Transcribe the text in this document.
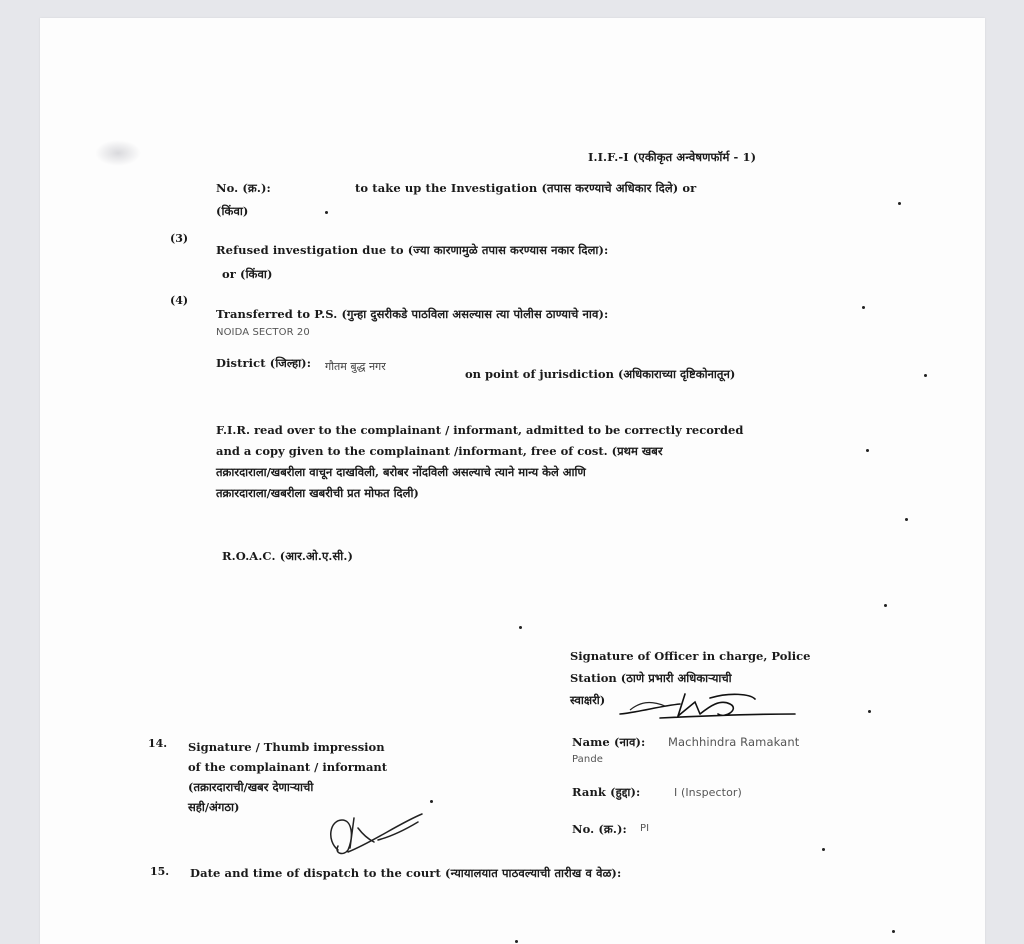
I.I.F.-I (एकीकृत अन्वेषणफॉर्म - 1)
No. (क्र.):	to take up the Investigation (तपास करण्याचे अधिकार दिले) or
(किंवा)
(3)
Refused investigation due to (ज्या कारणामुळे तपास करण्यास नकार दिला):
or (किंवा)
(4)
Transferred to P.S. (गुन्हा दुसरीकडे पाठविला असल्यास त्या पोलीस ठाण्याचे नाव):
NOIDA SECTOR 20
District (जिल्हा): गौतम बुद्ध नगर
on point of jurisdiction (अधिकाराच्या दृष्टिकोनातून)
F.I.R. read over to the complainant / informant, admitted to be correctly recorded
and a copy given to the complainant /informant, free of cost. (प्रथम खबर
तक्रारदाराला/खबरीला वाचून दाखविली, बरोबर नोंदविली असल्याचे त्याने मान्य केले आणि
तक्रारदाराला/खबरीला खबरीची प्रत मोफत दिली)
R.O.A.C. (आर.ओ.ए.सी.)
Signature of Officer in charge, Police
Station (ठाणे प्रभारी अधिकाऱ्याची
स्वाक्षरी)
Name (नाव): Machhindra Ramakant
Pande
Rank (हुद्दा):	I (Inspector)
No. (क्र.): PI
14. Signature / Thumb impression
of the complainant / informant
(तक्रारदाराची/खबर देणाऱ्याची
सही/अंगठा)
15. Date and time of dispatch to the court (न्यायालयात पाठवल्याची तारीख व वेळ):
